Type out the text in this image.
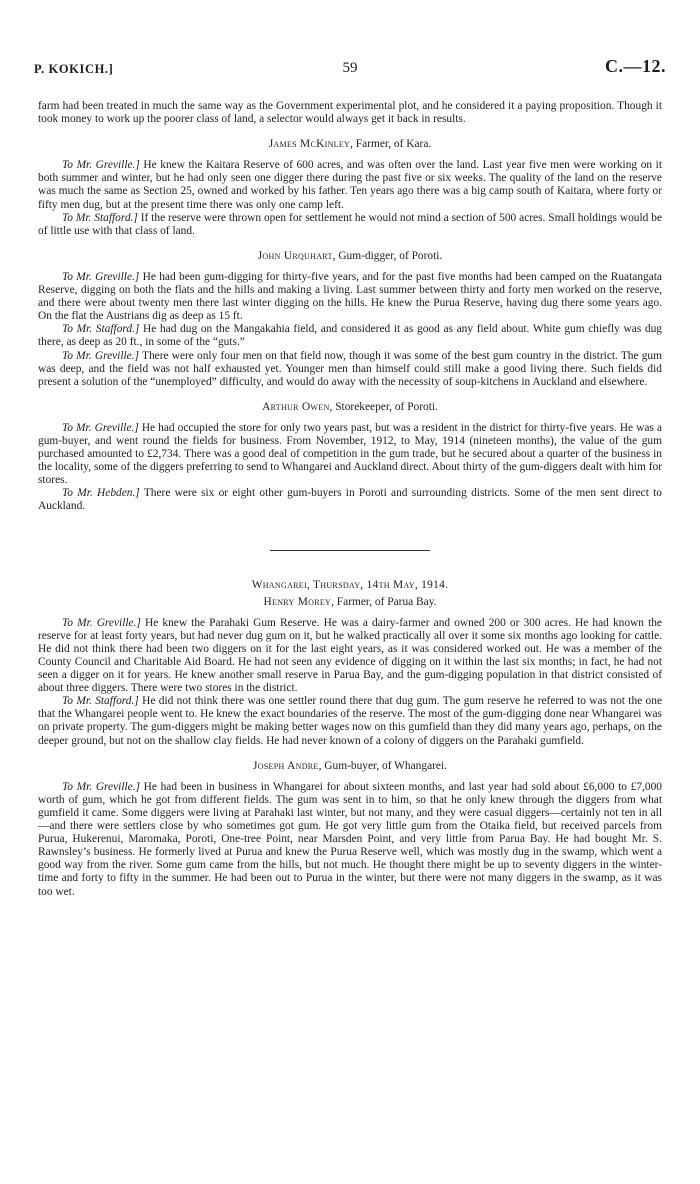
P. KOKICH.]	59	C.—12.

farm had been treated in much the same way as the Government experimental plot, and he considered it a paying proposition. Though it took money to work up the poorer class of land, a selector would always get it back in results.

James McKinley, Farmer, of Kara.

To Mr. Greville.] He knew the Kaitara Reserve of 600 acres, and was often over the land. Last year five men were working on it both summer and winter, but he had only seen one digger there during the past five or six weeks. The quality of the land on the reserve was much the same as Section 25, owned and worked by his father. Ten years ago there was a big camp south of Kaitara, where forty or fifty men dug, but at the present time there was only one camp left.

To Mr. Stafford.] If the reserve were thrown open for settlement he would not mind a section of 500 acres. Small holdings would be of little use with that class of land.

John Urquhart, Gum-digger, of Poroti.

To Mr. Greville.] He had been gum-digging for thirty-five years, and for the past five months had been camped on the Ruatangata Reserve, digging on both the flats and the hills and making a living. Last summer between thirty and forty men worked on the reserve, and there were about twenty men there last winter digging on the hills. He knew the Purua Reserve, having dug there some years ago. On the flat the Austrians dig as deep as 15 ft.

To Mr. Stafford.] He had dug on the Mangakahia field, and considered it as good as any field about. White gum chiefly was dug there, as deep as 20 ft., in some of the “guts.”

To Mr. Greville.] There were only four men on that field now, though it was some of the best gum country in the district. The gum was deep, and the field was not half exhausted yet. Younger men than himself could still make a good living there. Such fields did present a solution of the “unemployed” difficulty, and would do away with the necessity of soup-kitchens in Auckland and elsewhere.

Arthur Owen, Storekeeper, of Poroti.

To Mr. Greville.] He had occupied the store for only two years past, but was a resident in the district for thirty-five years. He was a gum-buyer, and went round the fields for business. From November, 1912, to May, 1914 (nineteen months), the value of the gum purchased amounted to £2,734. There was a good deal of competition in the gum trade, but he secured about a quarter of the business in the locality, some of the diggers preferring to send to Whangarei and Auckland direct. About thirty of the gum-diggers dealt with him for stores.

To Mr. Hebden.] There were six or eight other gum-buyers in Poroti and surrounding districts. Some of the men sent direct to Auckland.

Whangarei, Thursday, 14th May, 1914.
Henry Morey, Farmer, of Parua Bay.

To Mr. Greville.] He knew the Parahaki Gum Reserve. He was a dairy-farmer and owned 200 or 300 acres. He had known the reserve for at least forty years, but had never dug gum on it, but he walked practically all over it some six months ago looking for cattle. He did not think there had been two diggers on it for the last eight years, as it was considered worked out. He was a member of the County Council and Charitable Aid Board. He had not seen any evidence of digging on it within the last six months; in fact, he had not seen a digger on it for years. He knew another small reserve in Parua Bay, and the gum-digging population in that district consisted of about three diggers. There were two stores in the district.

To Mr. Stafford.] He did not think there was one settler round there that dug gum. The gum reserve he referred to was not the one that the Whangarei people went to. He knew the exact boundaries of the reserve. The most of the gum-digging done near Whangarei was on private property. The gum-diggers might be making better wages now on this gumfield than they did many years ago, perhaps, on the deeper ground, but not on the shallow clay fields. He had never known of a colony of diggers on the Parahaki gumfield.

Joseph Andre, Gum-buyer, of Whangarei.

To Mr. Greville.] He had been in business in Whangarei for about sixteen months, and last year had sold about £6,000 to £7,000 worth of gum, which he got from different fields. The gum was sent in to him, so that he only knew through the diggers from what gumfield it came. Some diggers were living at Parahaki last winter, but not many, and they were casual diggers—certainly not ten in all—and there were settlers close by who sometimes got gum. He got very little gum from the Otaika field, but received parcels from Purua, Hukerenui, Maromaka, Poroti, One-tree Point, near Marsden Point, and very little from Parua Bay. He had bought Mr. S. Rawnsley’s business. He formerly lived at Purua and knew the Purua Reserve well, which was mostly dug in the swamp, which went a good way from the river. Some gum came from the hills, but not much. He thought there might be up to seventy diggers in the winter-time and forty to fifty in the summer. He had been out to Purua in the winter, but there were not many diggers in the swamp, as it was too wet.
